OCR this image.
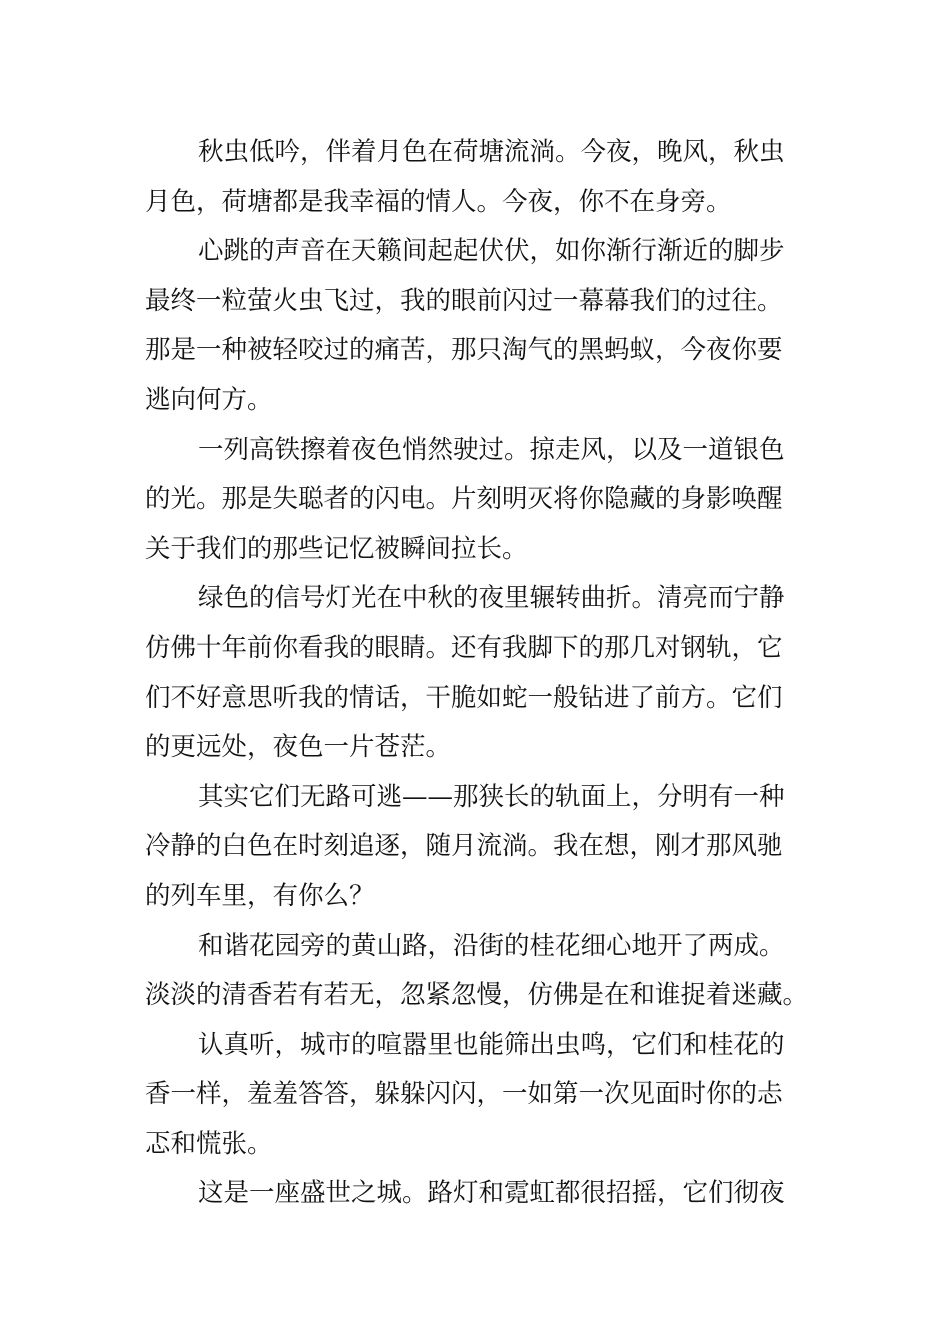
秋虫低吟，伴着月色在荷塘流淌。今夜，晚风，秋虫
月色，荷塘都是我幸福的情人。今夜，你不在身旁。
心跳的声音在天籁间起起伏伏，如你渐行渐近的脚步
最终一粒萤火虫飞过，我的眼前闪过一幕幕我们的过往。
那是一种被轻咬过的痛苦，那只淘气的黑蚂蚁，今夜你要
逃向何方。
一列高铁擦着夜色悄然驶过。掠走风，以及一道银色
的光。那是失聪者的闪电。片刻明灭将你隐藏的身影唤醒
关于我们的那些记忆被瞬间拉长。
绿色的信号灯光在中秋的夜里辗转曲折。清亮而宁静
仿佛十年前你看我的眼睛。还有我脚下的那几对钢轨，它
们不好意思听我的情话，干脆如蛇一般钻进了前方。它们
的更远处，夜色一片苍茫。
其实它们无路可逃——那狭长的轨面上，分明有一种
冷静的白色在时刻追逐，随月流淌。我在想，刚才那风驰
的列车里，有你么？
和谐花园旁的黄山路，沿街的桂花细心地开了两成。
淡淡的清香若有若无，忽紧忽慢，仿佛是在和谁捉着迷藏。
认真听，城市的喧嚣里也能筛出虫鸣，它们和桂花的
香一样，羞羞答答，躲躲闪闪，一如第一次见面时你的忐
忑和慌张。
这是一座盛世之城。路灯和霓虹都很招摇，它们彻夜
